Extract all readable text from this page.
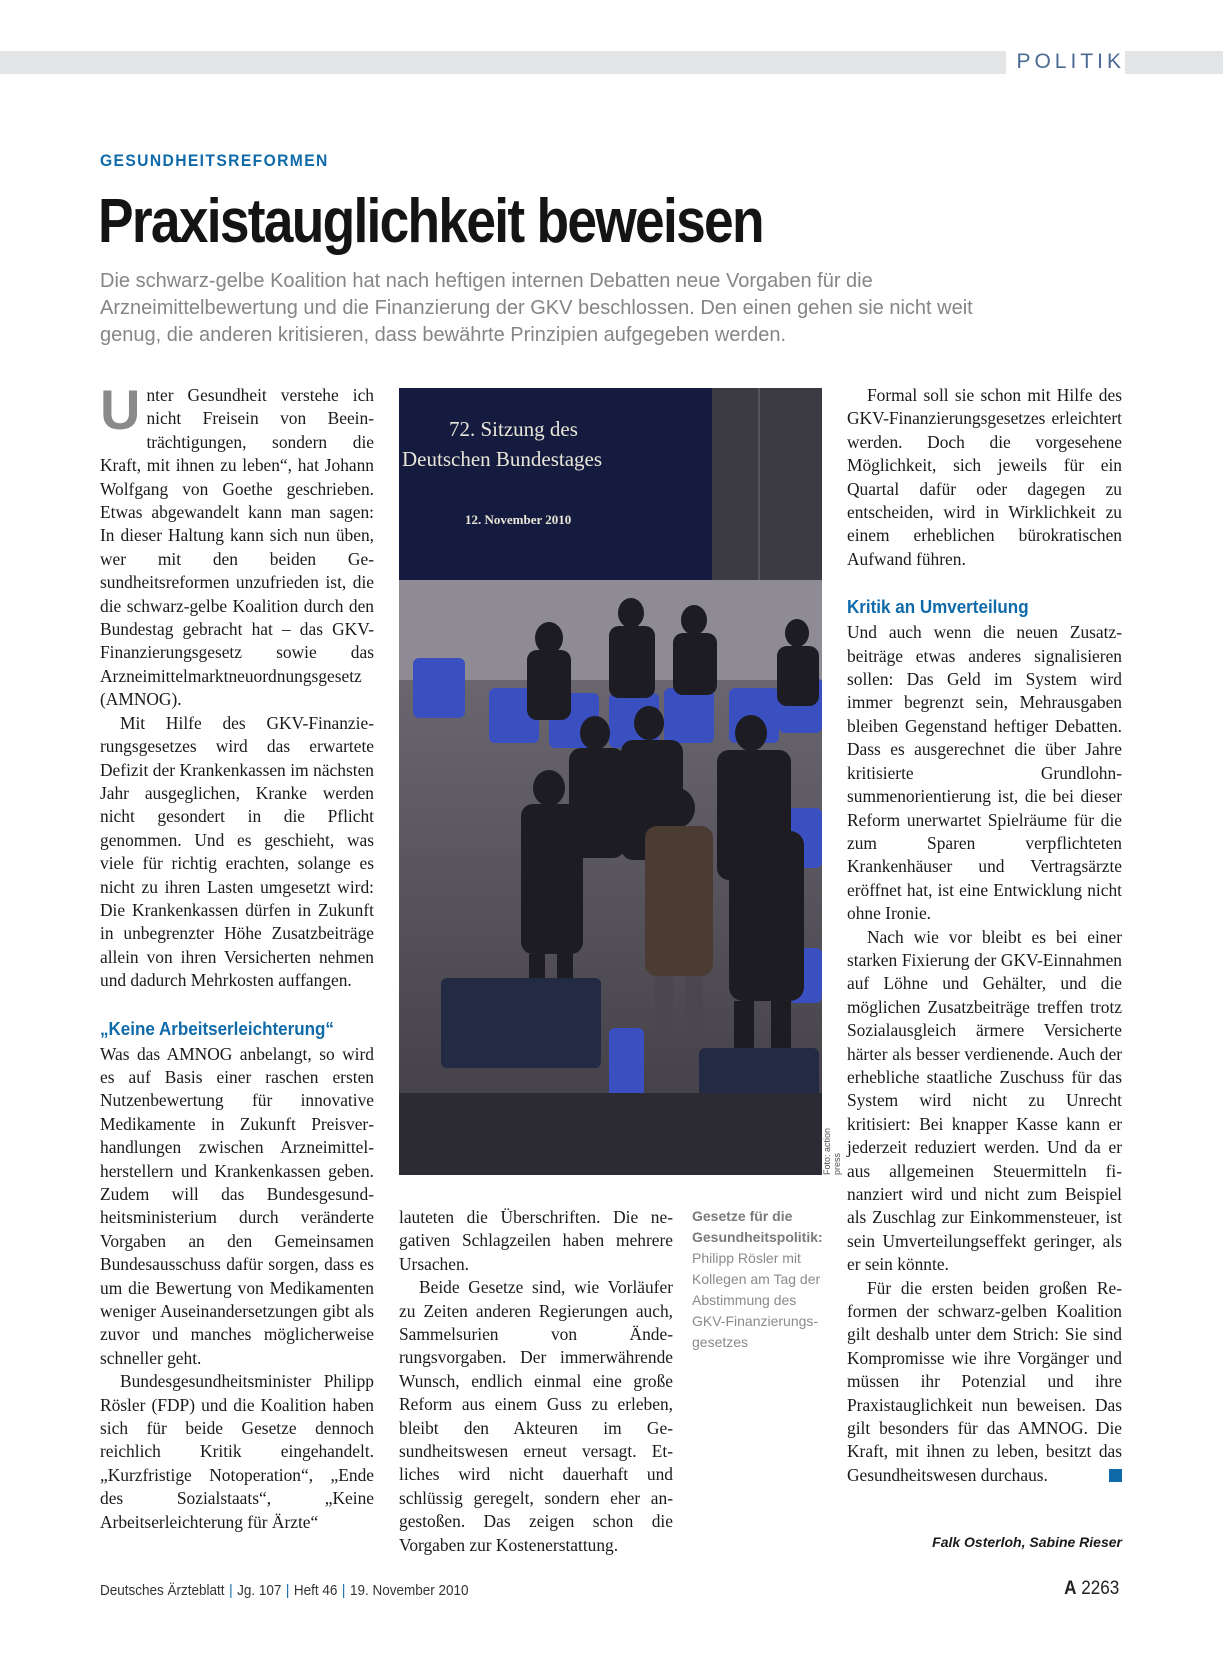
POLITIK
GESUNDHEITSREFORMEN
Praxistauglichkeit beweisen

Die schwarz-gelbe Koalition hat nach heftigen internen Debatten neue Vorgaben für die Arzneimittelbewertung und die Finanzierung der GKV beschlossen. Den einen gehen sie nicht weit genug, die anderen kritisieren, dass bewährte Prinzipien aufgegeben werden.

Unter Gesundheit verstehe ich nicht Freisein von Beeinträchtigungen, sondern die Kraft, mit ihnen zu leben“, hat Johann Wolfgang von Goethe geschrieben. Etwas abgewandelt kann man sagen: In dieser Haltung kann sich nun üben, wer mit den beiden Gesundheitsreformen unzufrieden ist, die die schwarz-gelbe Koalition durch den Bundestag gebracht hat – das GKV-Finanzierungsgesetz sowie das Arzneimittelmarktneuordnungsgesetz (AMNOG).

Mit Hilfe des GKV-Finanzierungsgesetzes wird das erwartete Defizit der Krankenkassen im nächsten Jahr ausgeglichen, Kranke werden nicht gesondert in die Pflicht genommen. Und es geschieht, was viele für richtig erachten, solange es nicht zu ihren Lasten umgesetzt wird: Die Krankenkassen dürfen in Zukunft in unbegrenzter Höhe Zusatzbeiträge allein von ihren Versicherten nehmen und dadurch Mehrkosten auffangen.

„Keine Arbeitserleichterung“

Was das AMNOG anbelangt, so wird es auf Basis einer raschen ersten Nutzenbewertung für innovative Medikamente in Zukunft Preisverhandlungen zwischen Arzneimittelherstellern und Krankenkassen geben. Zudem will das Bundesgesundheitsministerium durch veränderte Vorgaben an den Gemeinsamen Bundesausschuss dafür sorgen, dass es um die Bewertung von Medikamenten weniger Auseinandersetzungen gibt als zuvor und manches möglicherweise schneller geht.

Bundesgesundheitsminister Philipp Rösler (FDP) und die Koalition haben sich für beide Gesetze dennoch reichlich Kritik eingehandelt. „Kurzfristige Notoperation“, „Ende des Sozialstaats“, „Keine Arbeitserleichterung für Ärzte“

72. Sitzung des
Deutschen Bundestages
12. November 2010
Foto: action press

lauteten die Überschriften. Die negativen Schlagzeilen haben mehrere Ursachen.

Beide Gesetze sind, wie Vorläufer zu Zeiten anderen Regierungen auch, Sammelsurien von Änderungsvorgaben. Der immerwährende Wunsch, endlich einmal eine große Reform aus einem Guss zu erleben, bleibt den Akteuren im Gesundheitswesen erneut versagt. Etliches wird nicht dauerhaft und schlüssig geregelt, sondern eher angestoßen. Das zeigen schon die Vorgaben zur Kostenerstattung.

Gesetze für die Gesundheitspolitik:
Philipp Rösler mit Kollegen am Tag der Abstimmung des GKV-Finanzierungsgesetzes

Formal soll sie schon mit Hilfe des GKV-Finanzierungsgesetzes erleichtert werden. Doch die vorgesehene Möglichkeit, sich jeweils für ein Quartal dafür oder dagegen zu entscheiden, wird in Wirklichkeit zu einem erheblichen bürokratischen Aufwand führen.

Kritik an Umverteilung

Und auch wenn die neuen Zusatzbeiträge etwas anderes signalisieren sollen: Das Geld im System wird immer begrenzt sein, Mehrausgaben bleiben Gegenstand heftiger Debatten. Dass es ausgerechnet die über Jahre kritisierte Grundlohnsummenorientierung ist, die bei dieser Reform unerwartet Spielräume für die zum Sparen verpflichteten Krankenhäuser und Vertragsärzte eröffnet hat, ist eine Entwicklung nicht ohne Ironie.

Nach wie vor bleibt es bei einer starken Fixierung der GKV-Einnahmen auf Löhne und Gehälter, und die möglichen Zusatzbeiträge treffen trotz Sozialausgleich ärmere Versicherte härter als besser verdienende. Auch der erhebliche staatliche Zuschuss für das System wird nicht zu Unrecht kritisiert: Bei knapper Kasse kann er jederzeit reduziert werden. Und da er aus allgemeinen Steuermitteln finanziert wird und nicht zum Beispiel als Zuschlag zur Einkommensteuer, ist sein Umverteilungseffekt geringer, als er sein könnte.

Für die ersten beiden großen Reformen der schwarz-gelben Koalition gilt deshalb unter dem Strich: Sie sind Kompromisse wie ihre Vorgänger und müssen ihr Potenzial und ihre Praxistauglichkeit nun beweisen. Das gilt besonders für das AMNOG. Die Kraft, mit ihnen zu leben, besitzt das Gesundheitswesen durchaus.

Falk Osterloh, Sabine Rieser
Deutsches Ärzteblatt | Jg. 107 | Heft 46 | 19. November 2010	A 2263
